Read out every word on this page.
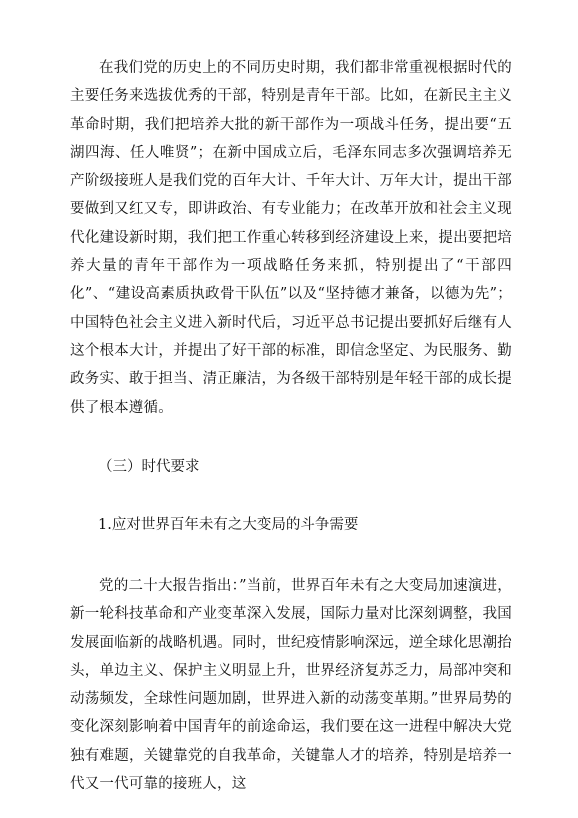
在我们党的历史上的不同历史时期，我们都非常重视根据时代的主要任务来选拔优秀的干部，特别是青年干部。比如，在新民主主义革命时期，我们把培养大批的新干部作为一项战斗任务，提出要“五湖四海、任人唯贤”；在新中国成立后，毛泽东同志多次强调培养无产阶级接班人是我们党的百年大计、千年大计、万年大计，提出干部要做到又红又专，即讲政治、有专业能力；在改革开放和社会主义现代化建设新时期，我们把工作重心转移到经济建设上来，提出要把培养大量的青年干部作为一项战略任务来抓，特别提出了“干部四化”、“建设高素质执政骨干队伍”以及“坚持德才兼备，以德为先”；中国特色社会主义进入新时代后，习近平总书记提出要抓好后继有人这个根本大计，并提出了好干部的标准，即信念坚定、为民服务、勤政务实、敢于担当、清正廉洁，为各级干部特别是年轻干部的成长提供了根本遵循。

（三）时代要求

1.应对世界百年未有之大变局的斗争需要

党的二十大报告指出：”当前，世界百年未有之大变局加速演进，新一轮科技革命和产业变革深入发展，国际力量对比深刻调整，我国发展面临新的战略机遇。同时，世纪疫情影响深远，逆全球化思潮抬头，单边主义、保护主义明显上升，世界经济复苏乏力，局部冲突和动荡频发，全球性问题加剧，世界进入新的动荡变革期。”世界局势的变化深刻影响着中国青年的前途命运，我们要在这一进程中解决大党独有难题，关键靠党的自我革命，关键靠人才的培养，特别是培养一代又一代可靠的接班人，这
